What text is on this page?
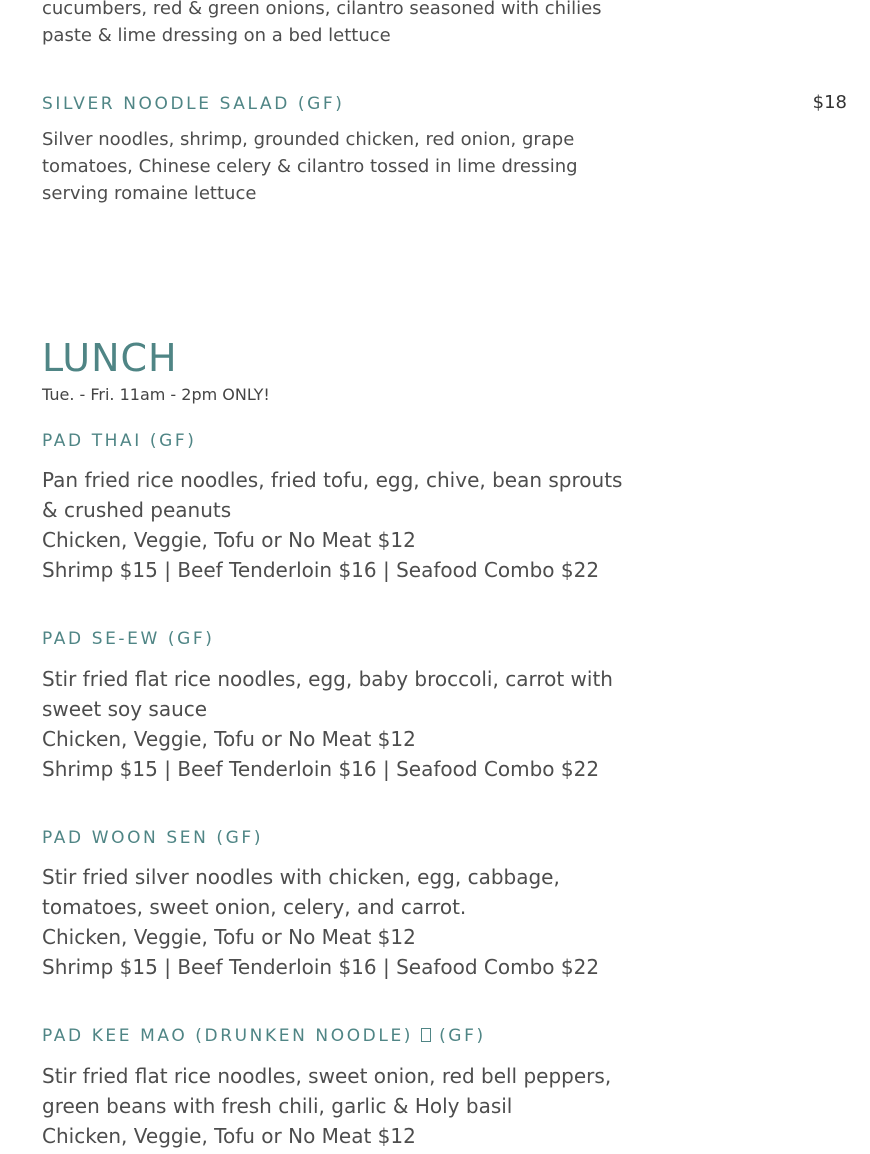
cucumbers, red & green onions, cilantro seasoned with chilies paste & lime dressing on a bed lettuce
SILVER NOODLE SALAD (GF)	$18
Silver noodles, shrimp, grounded chicken, red onion, grape tomatoes, Chinese celery & cilantro tossed in lime dressing serving romaine lettuce
LUNCH
Tue. - Fri. 11am - 2pm ONLY!
PAD THAI (GF)
Pan fried rice noodles, fried tofu, egg, chive, bean sprouts & crushed peanuts
Chicken, Veggie, Tofu or No Meat $12
Shrimp $15 | Beef Tenderloin $16 | Seafood Combo $22
PAD SE-EW (GF)
Stir fried flat rice noodles, egg, baby broccoli, carrot with sweet soy sauce
Chicken, Veggie, Tofu or No Meat $12
Shrimp $15 | Beef Tenderloin $16 | Seafood Combo $22
PAD WOON SEN (GF)
Stir fried silver noodles with chicken, egg, cabbage, tomatoes, sweet onion, celery, and carrot.
Chicken, Veggie, Tofu or No Meat $12
Shrimp $15 | Beef Tenderloin $16 | Seafood Combo $22
PAD KEE MAO (DRUNKEN NOODLE) (GF)
Stir fried flat rice noodles, sweet onion, red bell peppers, green beans with fresh chili, garlic & Holy basil
Chicken, Veggie, Tofu or No Meat $12
